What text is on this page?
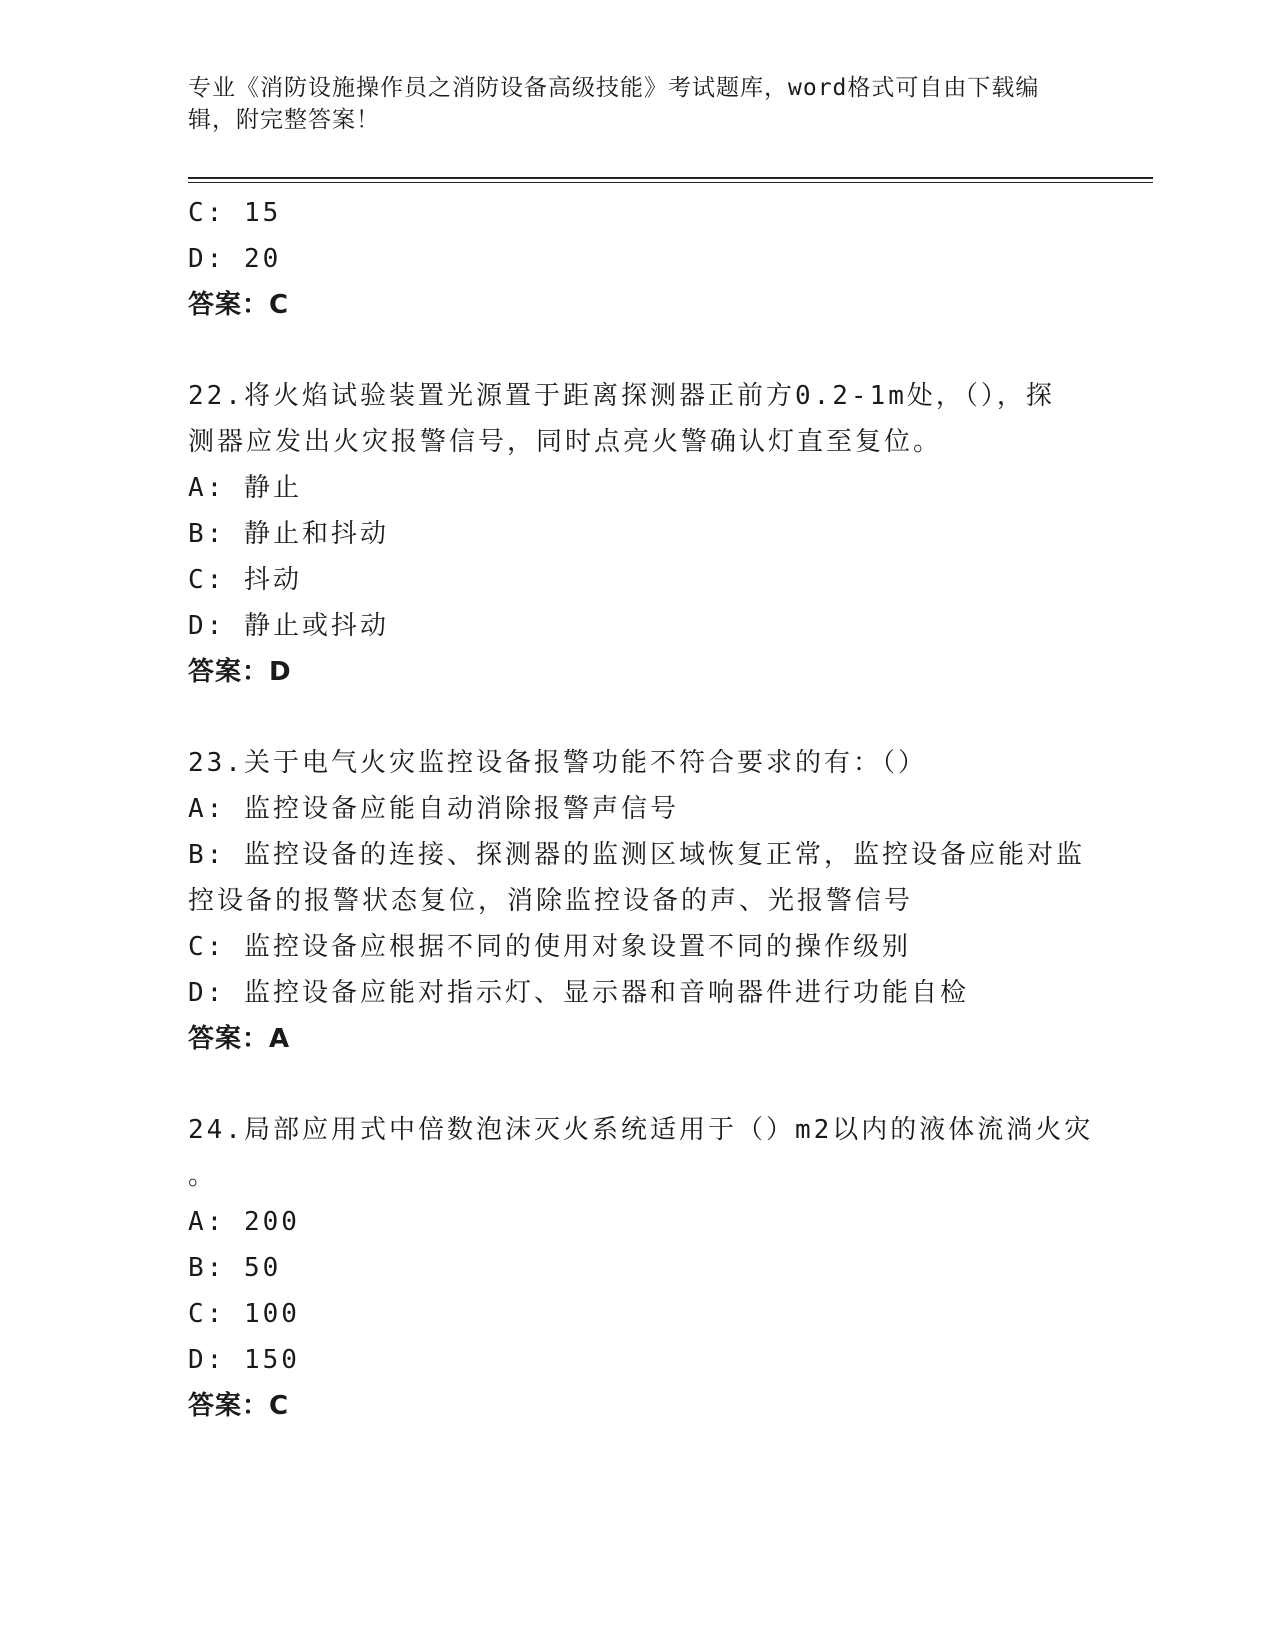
专业《消防设施操作员之消防设备高级技能》考试题库，word格式可自由下载编
辑，附完整答案！
C: 15
D: 20
答案：C
22.将火焰试验装置光源置于距离探测器正前方0.2-1m处，（），探
测器应发出火灾报警信号，同时点亮火警确认灯直至复位。
A: 静止
B: 静止和抖动
C: 抖动
D: 静止或抖动
答案：D
23.关于电气火灾监控设备报警功能不符合要求的有：（）
A: 监控设备应能自动消除报警声信号
B: 监控设备的连接、探测器的监测区域恢复正常，监控设备应能对监
控设备的报警状态复位，消除监控设备的声、光报警信号
C: 监控设备应根据不同的使用对象设置不同的操作级别
D: 监控设备应能对指示灯、显示器和音响器件进行功能自检
答案：A
24.局部应用式中倍数泡沫灭火系统适用于（）m2以内的液体流淌火灾
。
A: 200
B: 50
C: 100
D: 150
答案：C
